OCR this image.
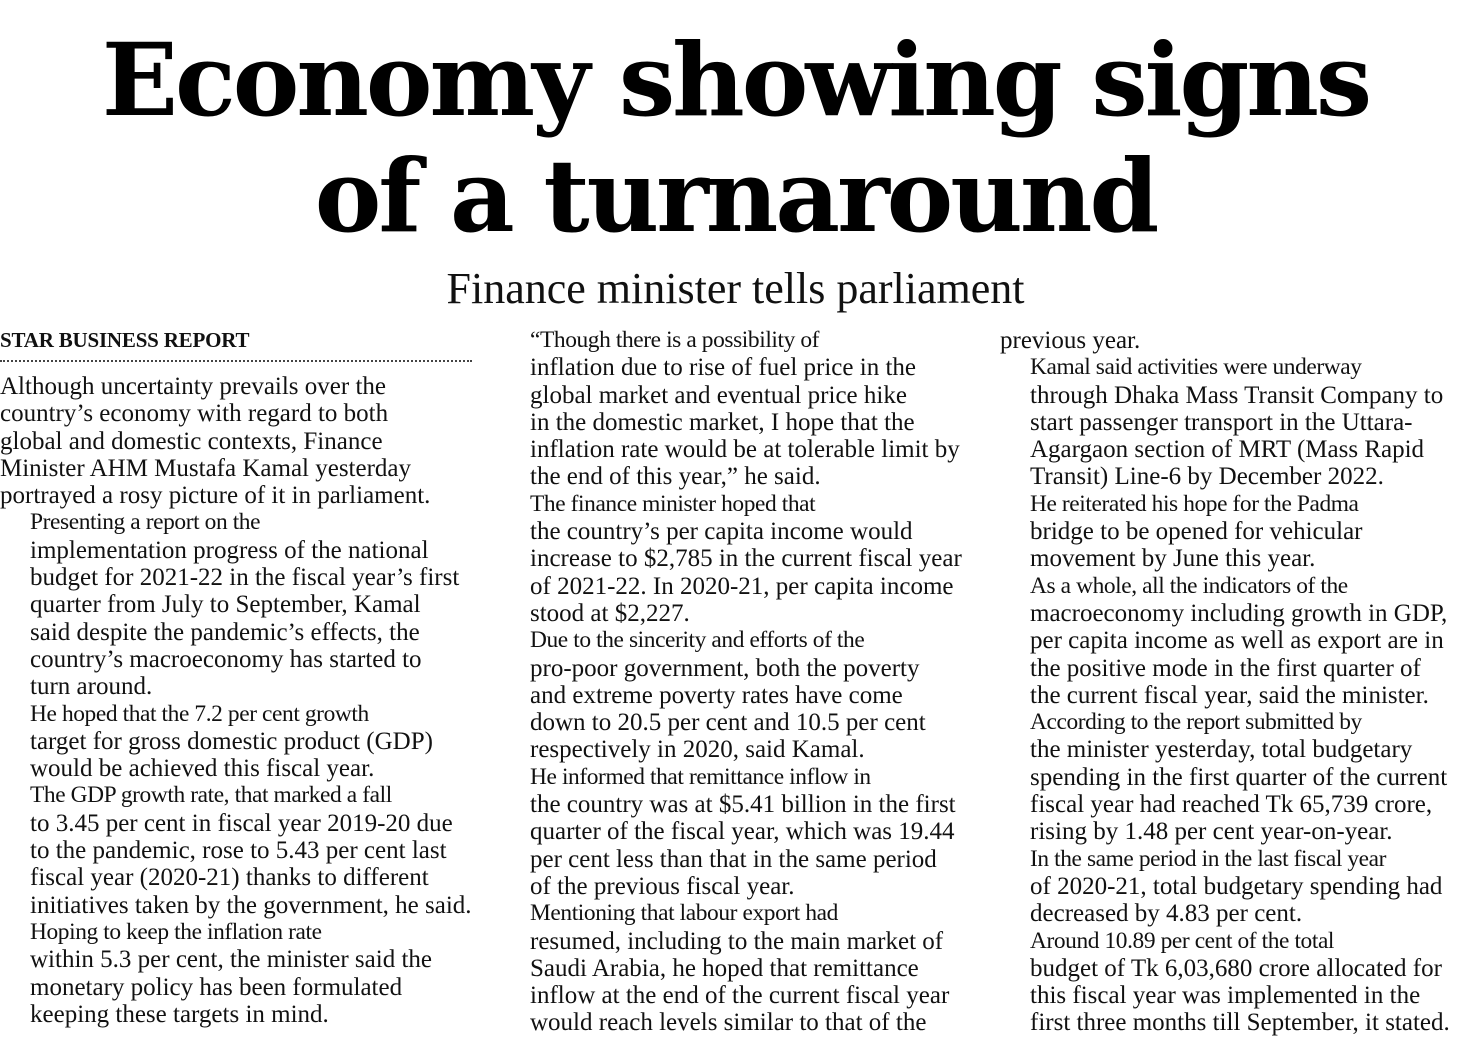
Economy showing signs
of a turnaround
Finance minister tells parliament
STAR BUSINESS REPORT

Although uncertainty prevails over the
country’s economy with regard to both
global and domestic contexts, Finance
Minister AHM Mustafa Kamal yesterday
portrayed a rosy picture of it in parliament.

Presenting a report on the
implementation progress of the national
budget for 2021-22 in the fiscal year’s first
quarter from July to September, Kamal
said despite the pandemic’s effects, the
country’s macroeconomy has started to
turn around.

He hoped that the 7.2 per cent growth
target for gross domestic product (GDP)
would be achieved this fiscal year.

The GDP growth rate, that marked a fall
to 3.45 per cent in fiscal year 2019-20 due
to the pandemic, rose to 5.43 per cent last
fiscal year (2020-21) thanks to different
initiatives taken by the government, he said.

Hoping to keep the inflation rate
within 5.3 per cent, the minister said the
monetary policy has been formulated
keeping these targets in mind.

“Though there is a possibility of
inflation due to rise of fuel price in the
global market and eventual price hike
in the domestic market, I hope that the
inflation rate would be at tolerable limit by
the end of this year,” he said.

The finance minister hoped that
the country’s per capita income would
increase to $2,785 in the current fiscal year
of 2021-22. In 2020-21, per capita income
stood at $2,227.

Due to the sincerity and efforts of the
pro-poor government, both the poverty
and extreme poverty rates have come
down to 20.5 per cent and 10.5 per cent
respectively in 2020, said Kamal.

He informed that remittance inflow in
the country was at $5.41 billion in the first
quarter of the fiscal year, which was 19.44
per cent less than that in the same period
of the previous fiscal year.

Mentioning that labour export had
resumed, including to the main market of
Saudi Arabia, he hoped that remittance
inflow at the end of the current fiscal year
would reach levels similar to that of the

previous year.

Kamal said activities were underway
through Dhaka Mass Transit Company to
start passenger transport in the Uttara-
Agargaon section of MRT (Mass Rapid
Transit) Line-6 by December 2022.

He reiterated his hope for the Padma
bridge to be opened for vehicular
movement by June this year.

As a whole, all the indicators of the
macroeconomy including growth in GDP,
per capita income as well as export are in
the positive mode in the first quarter of
the current fiscal year, said the minister.

According to the report submitted by
the minister yesterday, total budgetary
spending in the first quarter of the current
fiscal year had reached Tk 65,739 crore,
rising by 1.48 per cent year-on-year.

In the same period in the last fiscal year
of 2020-21, total budgetary spending had
decreased by 4.83 per cent.

Around 10.89 per cent of the total
budget of Tk 6,03,680 crore allocated for
this fiscal year was implemented in the
first three months till September, it stated.
